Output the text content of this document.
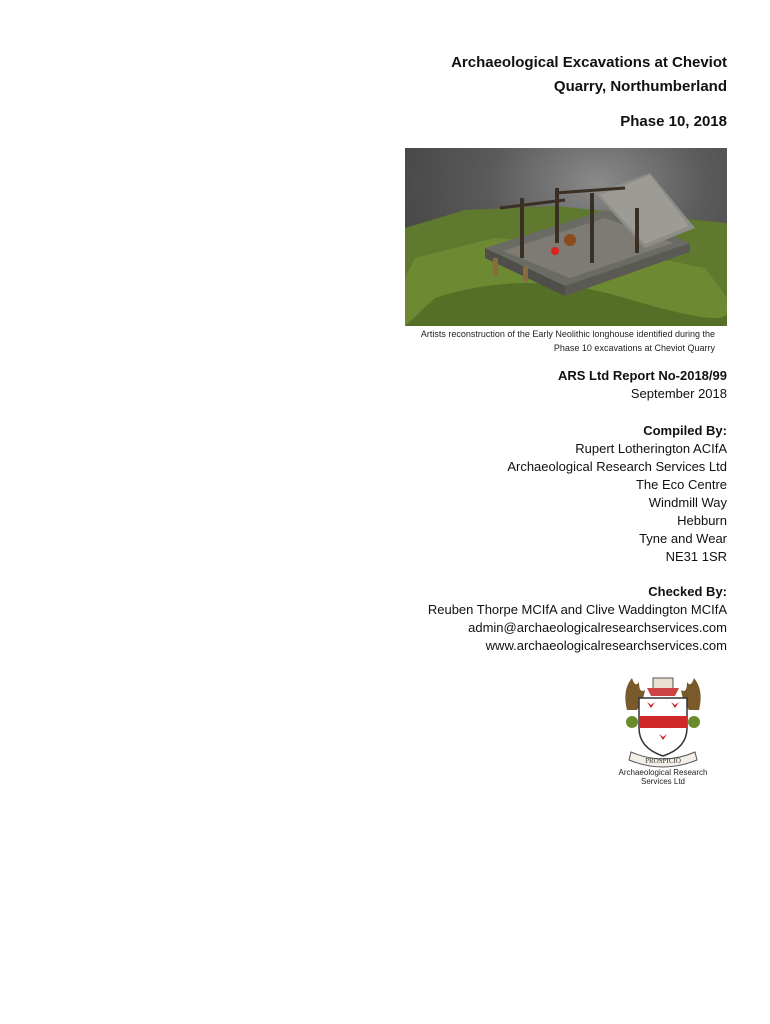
Archaeological Excavations at Cheviot
Quarry, Northumberland
Phase 10, 2018
Artists reconstruction of the Early Neolithic longhouse identified during the
Phase 10 excavations at Cheviot Quarry
ARS Ltd Report No-2018/99
September 2018
Compiled By:
Rupert Lotherington ACIfA
Archaeological Research Services Ltd
The Eco Centre
Windmill Way
Hebburn
Tyne and Wear
NE31 1SR
Checked By:
Reuben Thorpe MCIfA and Clive Waddington MCIfA
admin@archaeologicalresearchservices.com
www.archaeologicalresearchservices.com
PROSPICIO
Archaeological Research
Services Ltd
